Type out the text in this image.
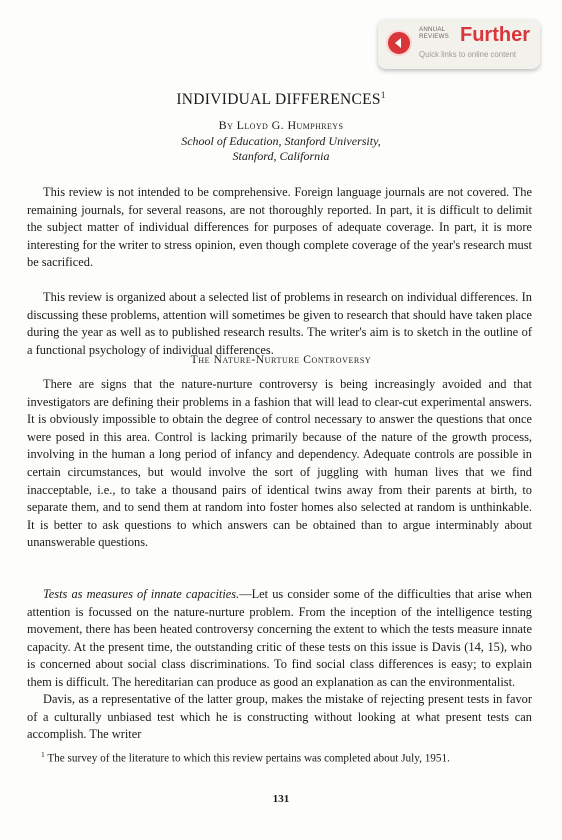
ANNUAL
REVIEWS Further
Quick links to online content
INDIVIDUAL DIFFERENCES$^1$
By Lloyd G. Humphreys
School of Education, Stanford University,
Stanford, California

This review is not intended to be comprehensive. Foreign language journals are not covered. The remaining journals, for several reasons, are not thoroughly reported. In part, it is difficult to delimit the subject matter of individual differences for purposes of adequate coverage. In part, it is more interesting for the writer to stress opinion, even though complete coverage of the year's research must be sacrificed.

This review is organized about a selected list of problems in research on individual differences. In discussing these problems, attention will sometimes be given to research that should have taken place during the year as well as to published research results. The writer's aim is to sketch in the outline of a functional psychology of individual differences.

The Nature-Nurture Controversy

There are signs that the nature-nurture controversy is being increasingly avoided and that investigators are defining their problems in a fashion that will lead to clear-cut experimental answers. It is obviously impossible to obtain the degree of control necessary to answer the questions that once were posed in this area. Control is lacking primarily because of the nature of the growth process, involving in the human a long period of infancy and dependency. Adequate controls are possible in certain circumstances, but would involve the sort of juggling with human lives that we find inacceptable, i.e., to take a thousand pairs of identical twins away from their parents at birth, to separate them, and to send them at random into foster homes also selected at random is unthinkable. It is better to ask questions to which answers can be obtained than to argue interminably about unanswerable questions.

Tests as measures of innate capacities.—Let us consider some of the difficulties that arise when attention is focussed on the nature-nurture problem. From the inception of the intelligence testing movement, there has been heated controversy concerning the extent to which the tests measure innate capacity. At the present time, the outstanding critic of these tests on this issue is Davis (14, 15), who is concerned about social class discriminations. To find social class differences is easy; to explain them is difficult. The hereditarian can produce as good an explanation as can the environmentalist.

Davis, as a representative of the latter group, makes the mistake of rejecting present tests in favor of a culturally unbiased test which he is constructing without looking at what present tests can accomplish. The writer

$^1$ The survey of the literature to which this review pertains was completed about July, 1951.
131
